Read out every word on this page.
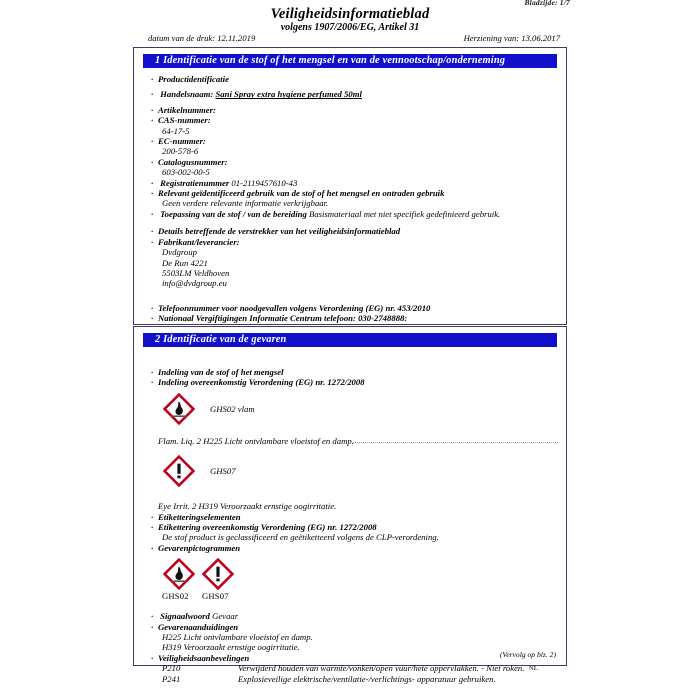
Bladzijde: 1/7
Veiligheidsinformatieblad
volgens 1907/2006/EG, Artikel 31
datum van de druk: 12.11.2019	Herziening van: 13.06.2017
1 Identificatie van de stof of het mengsel en van de vennootschap/onderneming
· Productidentificatie
· Handelsnaam: Sani Spray extra hygiene perfumed 50ml
· Artikelnummer:
· CAS-nummer:
64-17-5
· EC-nummer:
200-578-6
· Catalogusnummer:
603-002-00-5
· Registratienummer 01-2119457610-43
· Relevant geïdentificeerd gebruik van de stof of het mengsel en ontraden gebruik
Geen verdere relevante informatie verkrijgbaar.
· Toepassing van de stof / van de bereiding Basismateriaal met niet specifiek gedefinieerd gebruik.
· Details betreffende de verstrekker van het veiligheidsinformatieblad
· Fabrikant/leverancier:
Dvdgroup
De Run 4221
5503LM Veldhoven
info@dvdgroup.eu
· Telefoonnummer voor noodgevallen volgens Verordening (EG) nr. 453/2010
· Nationaal Vergiftigingen Informatie Centrum telefoon: 030-2748888:
2 Identificatie van de gevaren
· Indeling van de stof of het mengsel
· Indeling overeenkomstig Verordening (EG) nr. 1272/2008
GHS02 vlam
Flam. Liq. 2 H225 Licht ontvlambare vloeistof en damp.
GHS07
Eye Irrit. 2 H319 Veroorzaakt ernstige oogirritatie.
· Etiketteringselementen
· Etikettering overeenkomstig Verordening (EG) nr. 1272/2008
De stof product is geclassificeerd en geëtiketteerd volgens de CLP-verordening.
· Gevarenpictogrammen
GHS02 GHS07
· Signaalwoord Gevaar
· Gevarenaanduidingen
H225 Licht ontvlambare vloeistof en damp.
H319 Veroorzaakt ernstige oogirritatie.
· Veiligheidsaanbevelingen
P210	Verwijderd houden van warmte/vonken/open vuur/hete oppervlakken. - Niet roken.
P241	Explosieveilige elektrische/ventilatie-/verlichtings- apparatuur gebruiken.
(Vervolg op blz. 2)
NL
